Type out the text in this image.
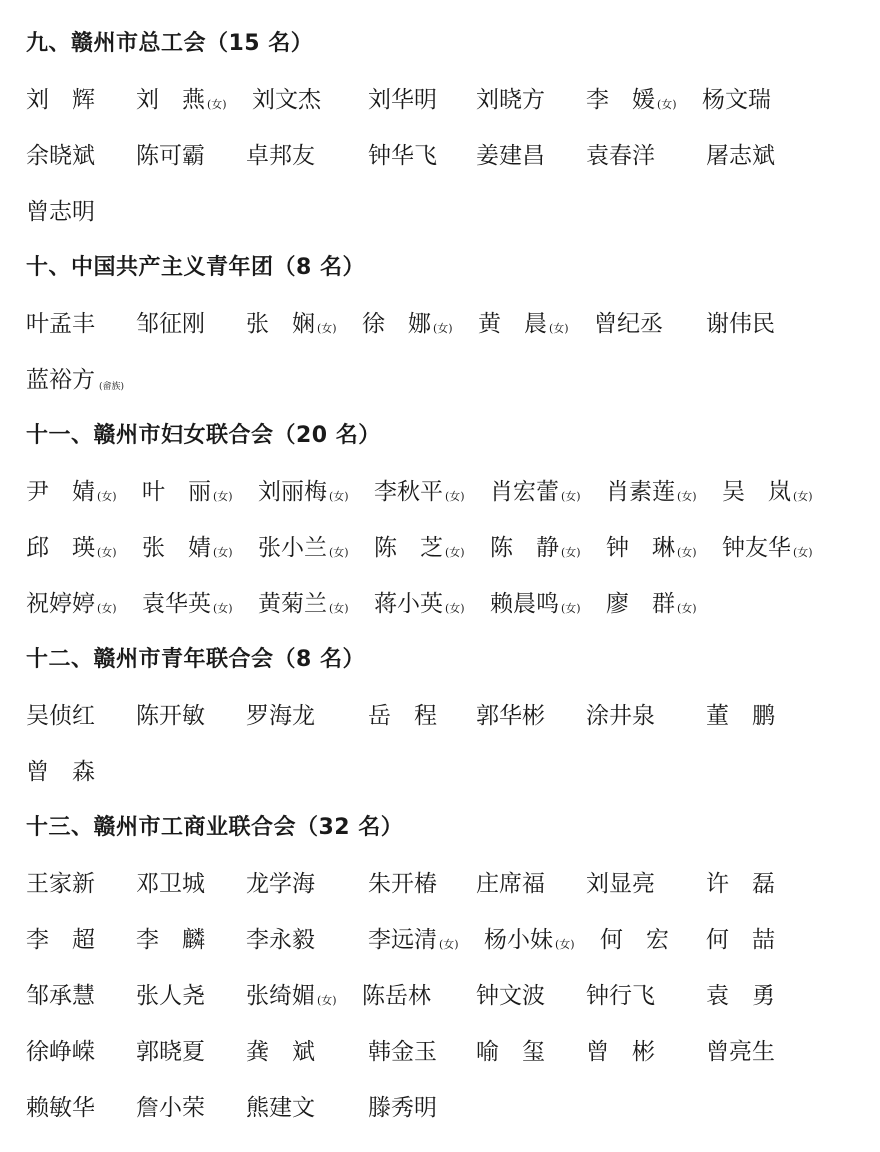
九、赣州市总工会（15 名）
刘　辉 刘　燕 (女) 刘文杰 刘华明 刘晓方 李　媛 (女) 杨文瑞
余晓斌 陈可霸 卓邦友 钟华飞 姜建昌 袁春洋 屠志斌
曾志明
十、中国共产主义青年团（8 名）
叶孟丰 邹征刚 张　娴 (女) 徐　娜 (女) 黄　晨 (女) 曾纪丞 谢伟民
蓝裕方 (畲族)
十一、赣州市妇女联合会（20 名）
尹　婧 (女) 叶　丽 (女) 刘丽梅 (女) 李秋平 (女) 肖宏蕾 (女) 肖素莲 (女) 吴　岚 (女)
邱　瑛 (女) 张　婧 (女) 张小兰 (女) 陈　芝 (女) 陈　静 (女) 钟　琳 (女) 钟友华 (女)
祝婷婷 (女) 袁华英 (女) 黄菊兰 (女) 蒋小英 (女) 赖晨鸣 (女) 廖　群 (女)
十二、赣州市青年联合会（8 名）
吴侦红 陈开敏 罗海龙 岳　程 郭华彬 涂井泉 董　鹏
曾　森
十三、赣州市工商业联合会（32 名）
王家新 邓卫城 龙学海 朱开椿 庄席福 刘显亮 许　磊
李　超 李　麟 李永毅 李远清 (女) 杨小妹 (女) 何　宏 何　喆
邹承慧 张人尧 张绮媚 (女) 陈岳林 钟文波 钟行飞 袁　勇
徐峥嵘 郭晓夏 龚　斌 韩金玉 喻　玺 曾　彬 曾亮生
赖敏华 詹小荣 熊建文 滕秀明
